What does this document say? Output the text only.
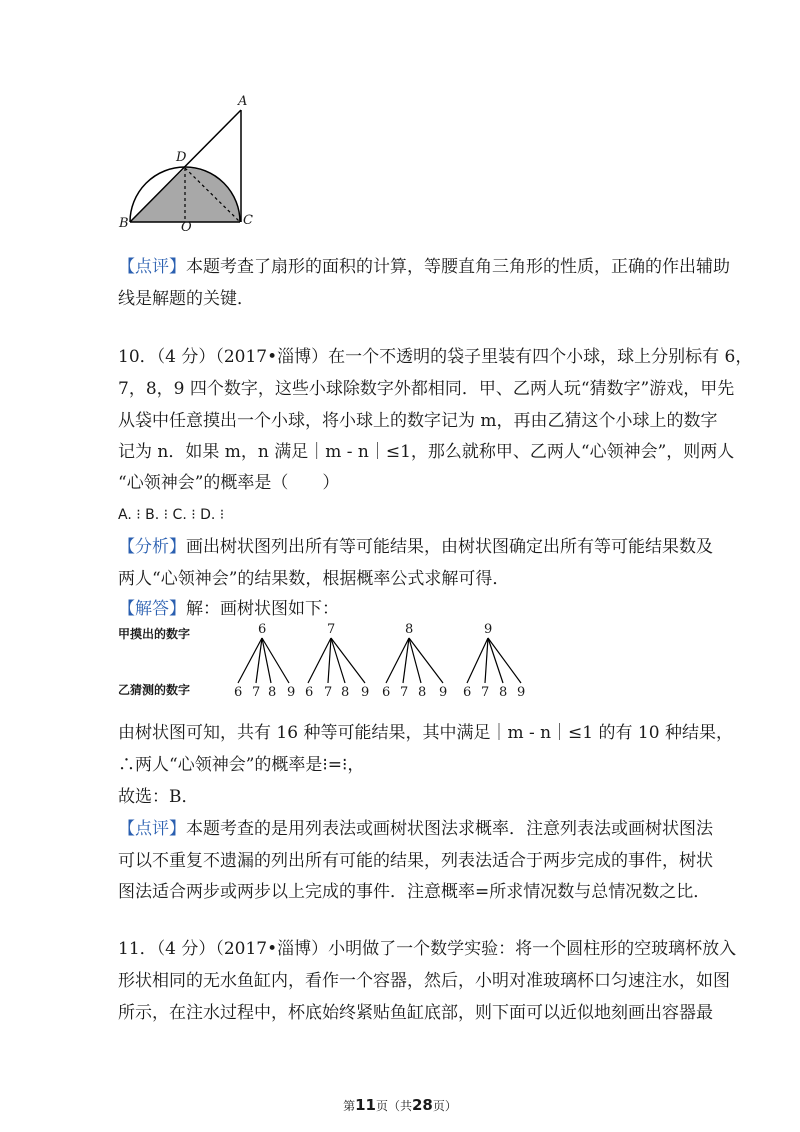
A
D
B	O	C
【点评】本题考查了扇形的面积的计算，等腰直角三角形的性质，正确的作出辅助
线是解题的关键．
10．（4 分）（2017•淄博）在一个不透明的袋子里装有四个小球，球上分别标有 6，
7，8，9 四个数字，这些小球除数字外都相同．甲、乙两人玩“猜数字”游戏，甲先
从袋中任意摸出一个小球，将小球上的数字记为 m，再由乙猜这个小球上的数字
记为 n．如果 m，n 满足｜m - n｜≤1，那么就称甲、乙两人“心领神会”，则两人
“心领神会”的概率是（　　）
A. ⁝ B. ⁝ C. ⁝ D. ⁝
【分析】画出树状图列出所有等可能结果，由树状图确定出所有等可能结果数及
两人“心领神会”的结果数，根据概率公式求解可得．
【解答】解：画树状图如下：
甲摸出的数字
乙猜测的数字
6	7	8	9
6 7 8 9 6 7 8 9 6 7 8 9 6 7 8 9
由树状图可知，共有 16 种等可能结果，其中满足｜m - n｜≤1 的有 10 种结果，
∴两人“心领神会”的概率是⁝=⁝，
故选：B．
【点评】本题考查的是用列表法或画树状图法求概率．注意列表法或画树状图法
可以不重复不遗漏的列出所有可能的结果，列表法适合于两步完成的事件，树状
图法适合两步或两步以上完成的事件．注意概率=所求情况数与总情况数之比．
11．（4 分）（2017•淄博）小明做了一个数学实验：将一个圆柱形的空玻璃杯放入
形状相同的无水鱼缸内，看作一个容器，然后，小明对准玻璃杯口匀速注水，如图
所示，在注水过程中，杯底始终紧贴鱼缸底部，则下面可以近似地刻画出容器最
第11页（共28页）
